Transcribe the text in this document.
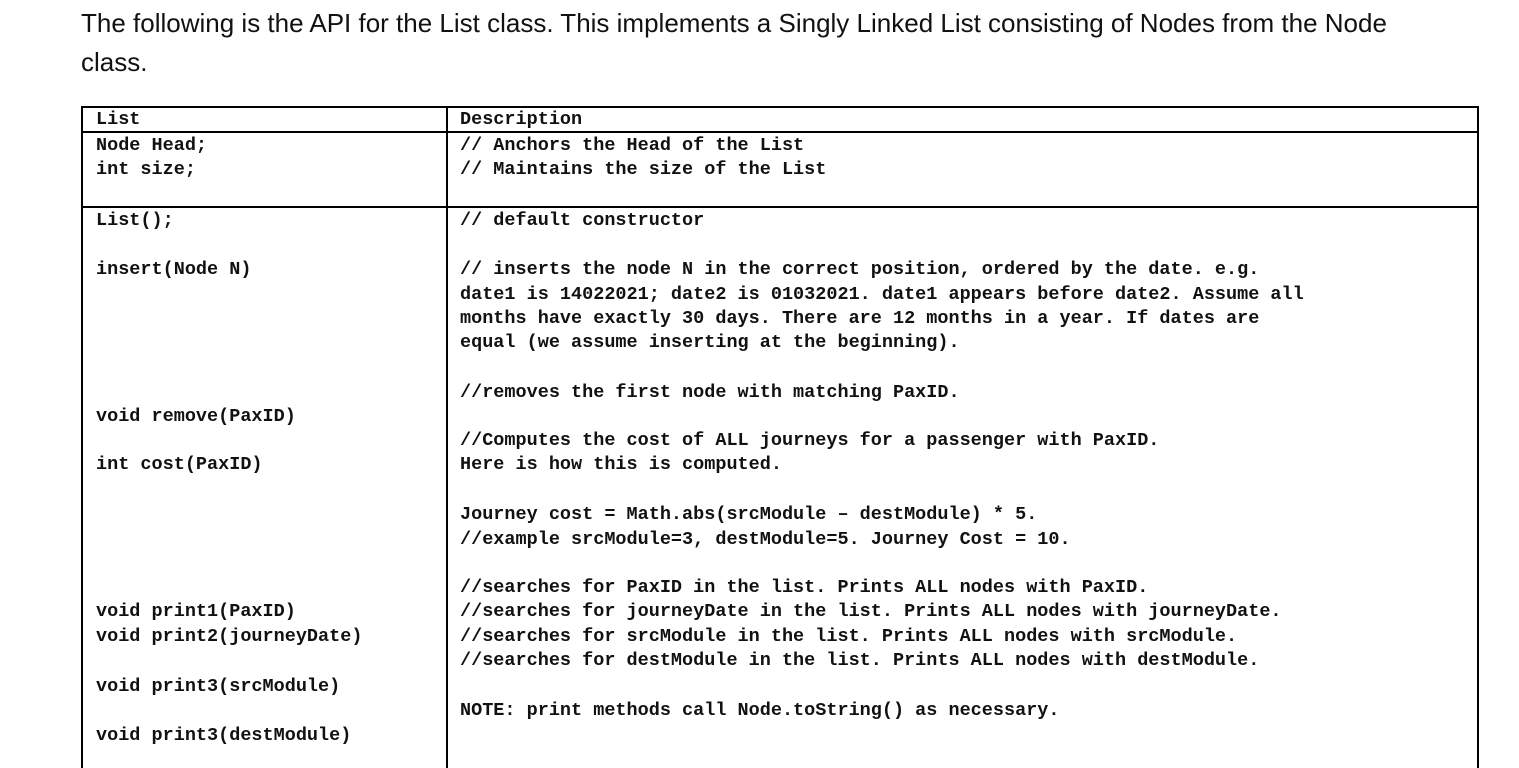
The following is the API for the List class. This implements a Singly Linked List consisting of Nodes from the Node
class.
List	Description
Node Head;
int size;
// Anchors the Head of the List
// Maintains the size of the List
List();
insert(Node N)
void remove(PaxID)
int cost(PaxID)
void print1(PaxID)
void print2(journeyDate)
void print3(srcModule)
void print3(destModule)
// default constructor
// inserts the node N in the correct position, ordered by the date. e.g.
date1 is 14022021; date2 is 01032021. date1 appears before date2. Assume all
months have exactly 30 days. There are 12 months in a year. If dates are
equal (we assume inserting at the beginning).
//removes the first node with matching PaxID.
//Computes the cost of ALL journeys for a passenger with PaxID.
Here is how this is computed.
Journey cost = Math.abs(srcModule – destModule) * 5.
//example srcModule=3, destModule=5. Journey Cost = 10.
//searches for PaxID in the list. Prints ALL nodes with PaxID.
//searches for journeyDate in the list. Prints ALL nodes with journeyDate.
//searches for srcModule in the list. Prints ALL nodes with srcModule.
//searches for destModule in the list. Prints ALL nodes with destModule.
NOTE: print methods call Node.toString() as necessary.
